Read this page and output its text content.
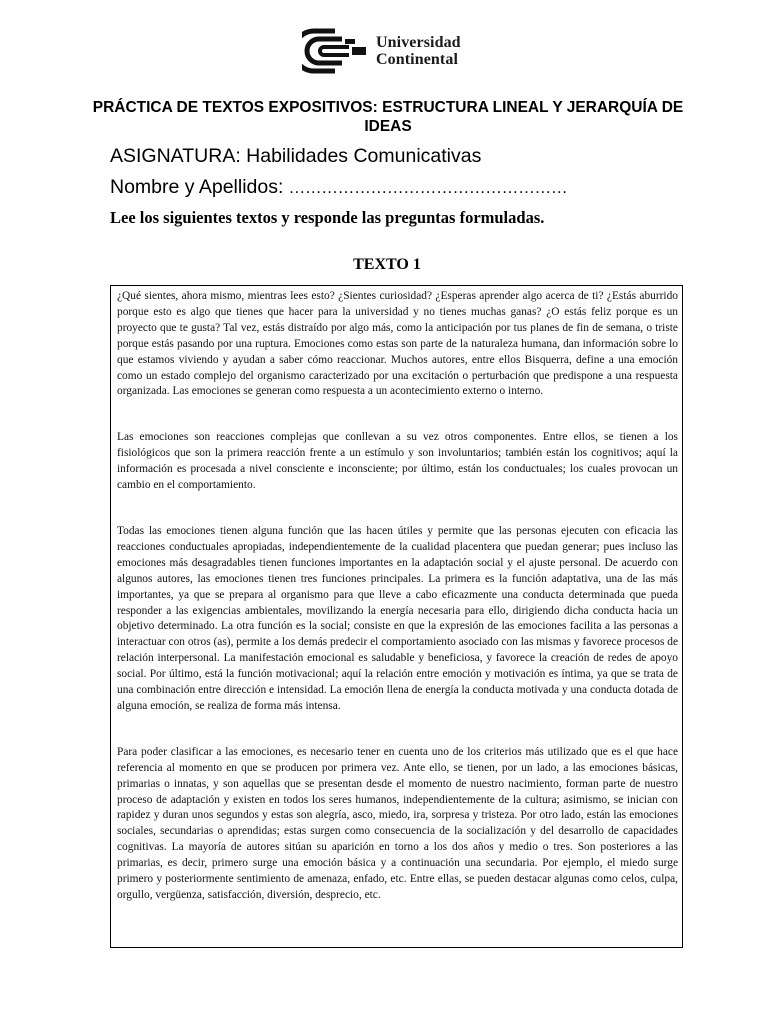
Universidad
Continental
PRÁCTICA DE TEXTOS EXPOSITIVOS: ESTRUCTURA LINEAL Y JERARQUÍA DE IDEAS
ASIGNATURA: Habilidades Comunicativas
Nombre y Apellidos: ……………………………………………
Lee los siguientes textos y responde las preguntas formuladas.
TEXTO 1

¿Qué sientes, ahora mismo, mientras lees esto? ¿Sientes curiosidad? ¿Esperas aprender algo acerca de ti? ¿Estás aburrido porque esto es algo que tienes que hacer para la universidad y no tienes muchas ganas? ¿O estás feliz porque es un proyecto que te gusta? Tal vez, estás distraído por algo más, como la anticipación por tus planes de fin de semana, o triste porque estás pasando por una ruptura. Emociones como estas son parte de la naturaleza humana, dan información sobre lo que estamos viviendo y ayudan a saber cómo reaccionar. Muchos autores, entre ellos Bisquerra, define a una emoción como un estado complejo del organismo caracterizado por una excitación o perturbación que predispone a una respuesta organizada. Las emociones se generan como respuesta a un acontecimiento externo o interno.

Las emociones son reacciones complejas que conllevan a su vez otros componentes. Entre ellos, se tienen a los fisiológicos que son la primera reacción frente a un estímulo y son involuntarios; también están los cognitivos; aquí la información es procesada a nivel consciente e inconsciente; por último, están los conductuales; los cuales provocan un cambio en el comportamiento.

Todas las emociones tienen alguna función que las hacen útiles y permite que las personas ejecuten con eficacia las reacciones conductuales apropiadas, independientemente de la cualidad placentera que puedan generar; pues incluso las emociones más desagradables tienen funciones importantes en la adaptación social y el ajuste personal. De acuerdo con algunos autores, las emociones tienen tres funciones principales. La primera es la función adaptativa, una de las más importantes, ya que se prepara al organismo para que lleve a cabo eficazmente una conducta determinada que pueda responder a las exigencias ambientales, movilizando la energía necesaria para ello, dirigiendo dicha conducta hacia un objetivo determinado. La otra función es la social; consiste en que la expresión de las emociones facilita a las personas a interactuar con otros (as), permite a los demás predecir el comportamiento asociado con las mismas y favorece procesos de relación interpersonal. La manifestación emocional es saludable y beneficiosa, y favorece la creación de redes de apoyo social. Por último, está la función motivacional; aquí la relación entre emoción y motivación es íntima, ya que se trata de una combinación entre dirección e intensidad. La emoción llena de energía la conducta motivada y una conducta dotada de alguna emoción, se realiza de forma más intensa.

Para poder clasificar a las emociones, es necesario tener en cuenta uno de los criterios más utilizado que es el que hace referencia al momento en que se producen por primera vez. Ante ello, se tienen, por un lado, a las emociones básicas, primarias o innatas, y son aquellas que se presentan desde el momento de nuestro nacimiento, forman parte de nuestro proceso de adaptación y existen en todos los seres humanos, independientemente de la cultura; asimismo, se inician con rapidez y duran unos segundos y estas son alegría, asco, miedo, ira, sorpresa y tristeza. Por otro lado, están las emociones sociales, secundarias o aprendidas; estas surgen como consecuencia de la socialización y del desarrollo de capacidades cognitivas. La mayoría de autores sitúan su aparición en torno a los dos años y medio o tres. Son posteriores a las primarias, es decir, primero surge una emoción básica y a continuación una secundaria. Por ejemplo, el miedo surge primero y posteriormente sentimiento de amenaza, enfado, etc. Entre ellas, se pueden destacar algunas como celos, culpa, orgullo, vergüenza, satisfacción, diversión, desprecio, etc.
